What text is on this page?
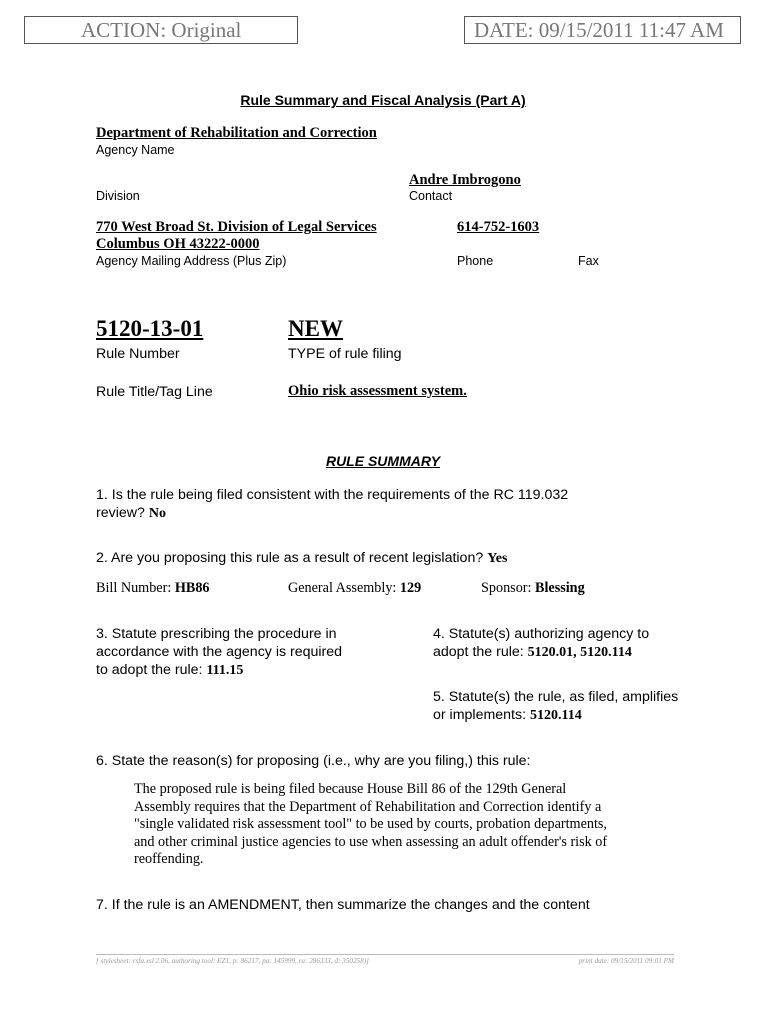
ACTION: Original	DATE: 09/15/2011 11:47 AM
Rule Summary and Fiscal Analysis (Part A)
Department of Rehabilitation and Correction
Agency Name
Andre Imbrogono
Division	Contact
770 West Broad St. Division of Legal Services
Columbus OH 43222-0000
614-752-1603
Agency Mailing Address (Plus Zip)	Phone	Fax
5120-13-01	NEW
Rule Number	TYPE of rule filing
Rule Title/Tag Line	Ohio risk assessment system.
RULE SUMMARY
1. Is the rule being filed consistent with the requirements of the RC 119.032
review? No
2. Are you proposing this rule as a result of recent legislation? Yes
Bill Number: HB86	General Assembly: 129	Sponsor: Blessing
3. Statute prescribing the procedure in
accordance with the agency is required
to adopt the rule: 111.15
4. Statute(s) authorizing agency to
adopt the rule: 5120.01, 5120.114
5. Statute(s) the rule, as filed, amplifies
or implements: 5120.114
6. State the reason(s) for proposing (i.e., why are you filing,) this rule:
The proposed rule is being filed because House Bill 86 of the 129th General
Assembly requires that the Department of Rehabilitation and Correction identify a
"single validated risk assessment tool" to be used by courts, probation departments,
and other criminal justice agencies to use when assessing an adult offender's risk of
reoffending.
7. If the rule is an AMENDMENT, then summarize the changes and the content
[ stylesheet: rsfa.xsl 2.06, authoring tool: EZ1, p: 86217, pa: 145999, ra: 286333, d: 350258)]	print date: 09/15/2011 09:01 PM
